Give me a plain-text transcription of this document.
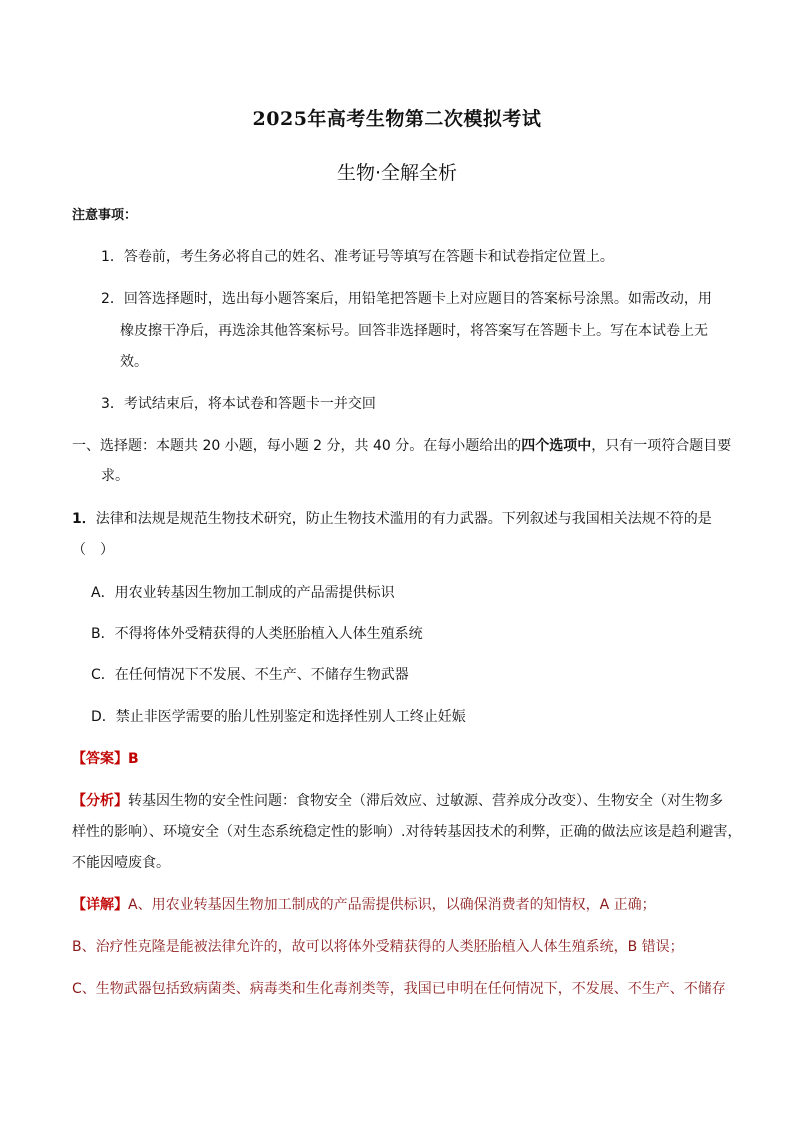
2025年高考生物第二次模拟考试
生物·全解全析
注意事项：
1．答卷前，考生务必将自己的姓名、准考证号等填写在答题卡和试卷指定位置上。
2．回答选择题时，选出每小题答案后，用铅笔把答题卡上对应题目的答案标号涂黑。如需改动，用
橡皮擦干净后，再选涂其他答案标号。回答非选择题时，将答案写在答题卡上。写在本试卷上无
效。
3．考试结束后，将本试卷和答题卡一并交回
一、选择题：本题共 20 小题，每小题 2 分，共 40 分。在每小题给出的四个选项中，只有一项符合题目要
求。
1．法律和法规是规范生物技术研究，防止生物技术滥用的有力武器。下列叙述与我国相关法规不符的是
（　）
A．用农业转基因生物加工制成的产品需提供标识
B．不得将体外受精获得的人类胚胎植入人体生殖系统
C．在任何情况下不发展、不生产、不储存生物武器
D．禁止非医学需要的胎儿性别鉴定和选择性别人工终止妊娠
【答案】B
【分析】转基因生物的安全性问题：食物安全（滞后效应、过敏源、营养成分改变）、生物安全（对生物多
样性的影响）、环境安全（对生态系统稳定性的影响）.对待转基因技术的利弊，正确的做法应该是趋利避害，
不能因噎废食。
【详解】A、用农业转基因生物加工制成的产品需提供标识，以确保消费者的知情权，A 正确；
B、治疗性克隆是能被法律允许的，故可以将体外受精获得的人类胚胎植入人体生殖系统，B 错误；
C、生物武器包括致病菌类、病毒类和生化毒剂类等，我国已申明在任何情况下，不发展、不生产、不储存
